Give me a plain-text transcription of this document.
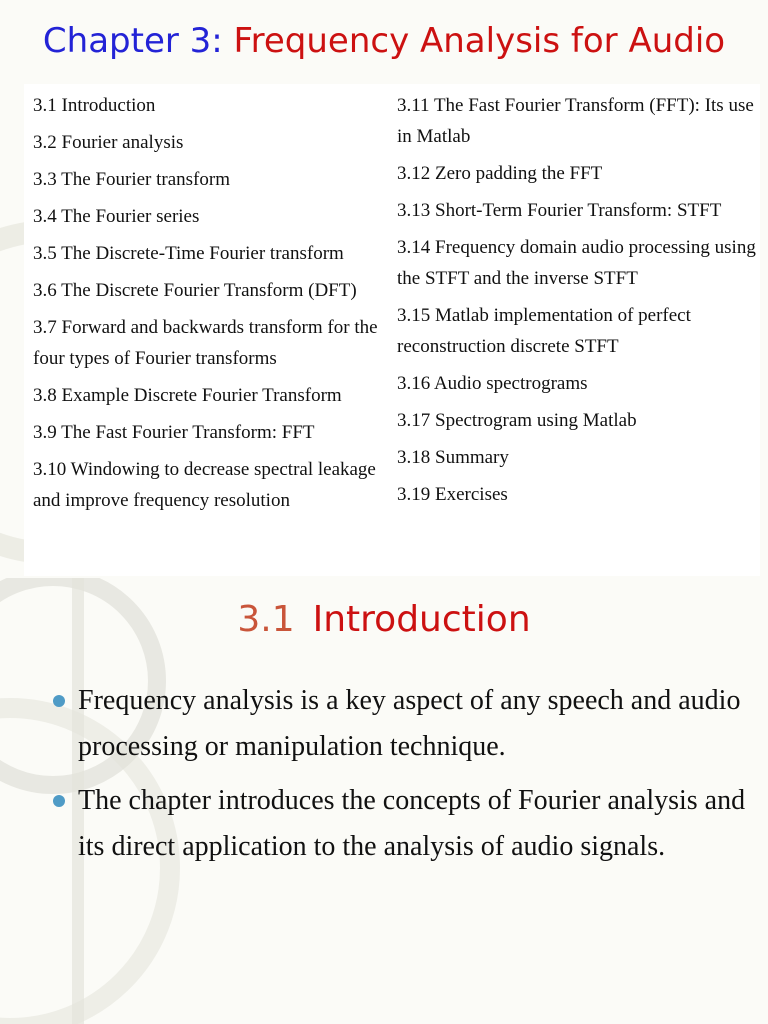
Chapter 3: Frequency Analysis for Audio
3.1 Introduction
3.2 Fourier analysis
3.3 The Fourier transform
3.4 The Fourier series
3.5 The Discrete-Time Fourier transform
3.6 The Discrete Fourier Transform (DFT)
3.7 Forward and backwards transform for the four types of Fourier transforms
3.8 Example Discrete Fourier Transform
3.9 The Fast Fourier Transform: FFT
3.10 Windowing to decrease spectral leakage and improve frequency resolution
3.11 The Fast Fourier Transform (FFT): Its use in Matlab
3.12 Zero padding the FFT
3.13 Short-Term Fourier Transform: STFT
3.14 Frequency domain audio processing using the STFT and the inverse STFT
3.15 Matlab implementation of perfect reconstruction discrete STFT
3.16 Audio spectrograms
3.17 Spectrogram using Matlab
3.18 Summary
3.19 Exercises
3.1 Introduction
Frequency analysis is a key aspect of any speech and audio processing or manipulation technique.
The chapter introduces the concepts of Fourier analysis and its direct application to the analysis of audio signals.
